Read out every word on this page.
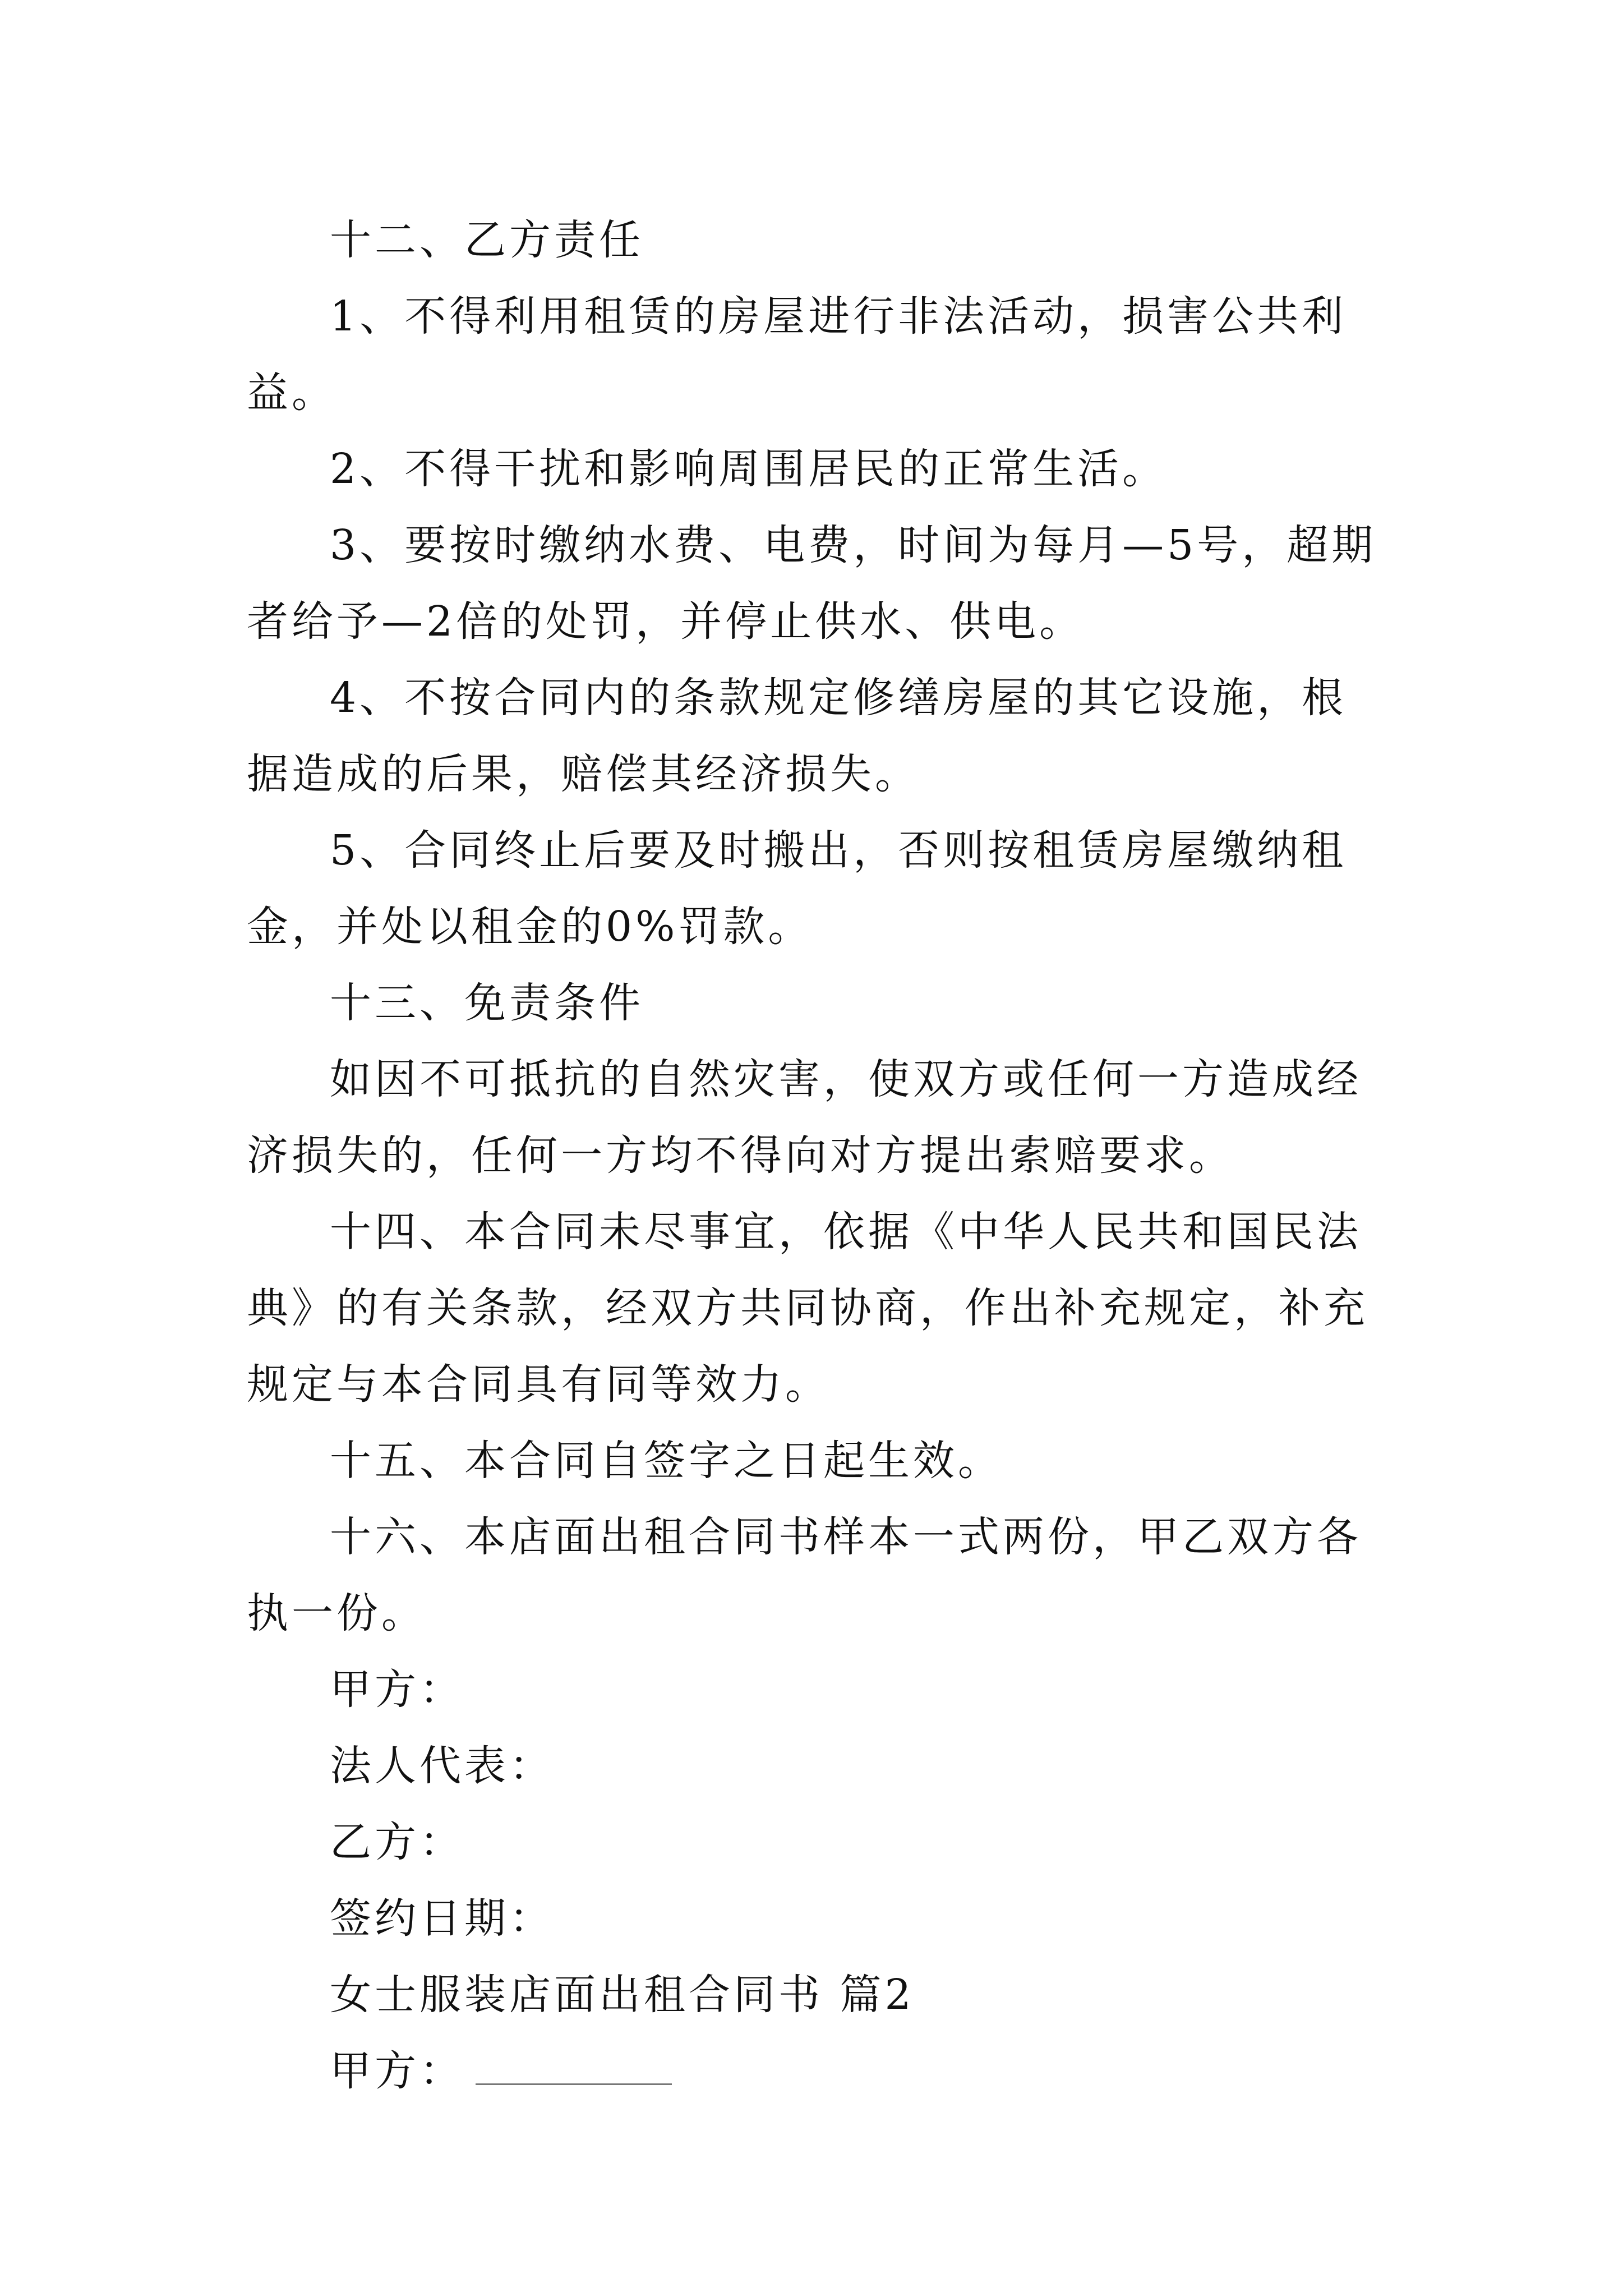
十二、乙方责任

1、不得利用租赁的房屋进行非法活动，损害公共利益。

2、不得干扰和影响周围居民的正常生活。

3、要按时缴纳水费、电费，时间为每月—5号，超期者给予—2倍的处罚，并停止供水、供电。

4、不按合同内的条款规定修缮房屋的其它设施，根据造成的后果，赔偿其经济损失。

5、合同终止后要及时搬出，否则按租赁房屋缴纳租金，并处以租金的0%罚款。

十三、免责条件

如因不可抵抗的自然灾害，使双方或任何一方造成经济损失的，任何一方均不得向对方提出索赔要求。

十四、本合同未尽事宜，依据《中华人民共和国民法典》的有关条款，经双方共同协商，作出补充规定，补充规定与本合同具有同等效力。

十五、本合同自签字之日起生效。

十六、本店面出租合同书样本一式两份，甲乙双方各执一份。

甲方：

法人代表：

乙方：

签约日期：

女士服装店面出租合同书 篇2

甲方：
